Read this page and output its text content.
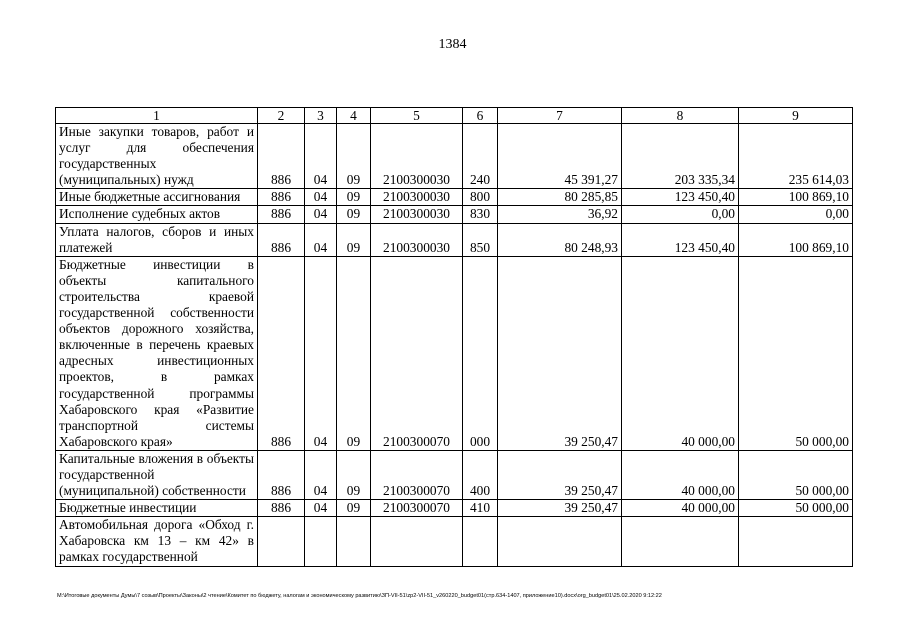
1384
1	2	3	4	5	6	7	8	9
Иные закупки товаров, работ и услуг для обеспечения государственных (муниципальных) нужд	886	04	09	2100300030	240	45 391,27	203 335,34	235 614,03
Иные бюджетные ассигнования	886	04	09	2100300030	800	80 285,85	123 450,40	100 869,10
Исполнение судебных актов	886	04	09	2100300030	830	36,92	0,00	0,00
Уплата налогов, сборов и иных платежей	886	04	09	2100300030	850	80 248,93	123 450,40	100 869,10
Бюджетные инвестиции в объекты капитального строительства краевой государственной собственности объектов дорожного хозяйства, включенные в перечень краевых адресных инвестиционных проектов, в рамках государственной программы Хабаровского края «Развитие транспортной системы Хабаровского края»	886	04	09	2100300070	000	39 250,47	40 000,00	50 000,00
Капитальные вложения в объекты государственной (муниципальной) собственности	886	04	09	2100300070	400	39 250,47	40 000,00	50 000,00
Бюджетные инвестиции	886	04	09	2100300070	410	39 250,47	40 000,00	50 000,00
Автомобильная дорога «Обход г. Хабаровска км 13 – км 42» в рамках государственной								
M:\Итоговые документы Думы\7 созыв\Проекты\Законы\2 чтение\Комитет по бюджету, налогам и экономическому развитию\ЗП-VII-51\zp2-VII-51_v260220_budget01(стр.634-1407, приложение10).docx\org_budget01\25.02.2020 9:12:22
